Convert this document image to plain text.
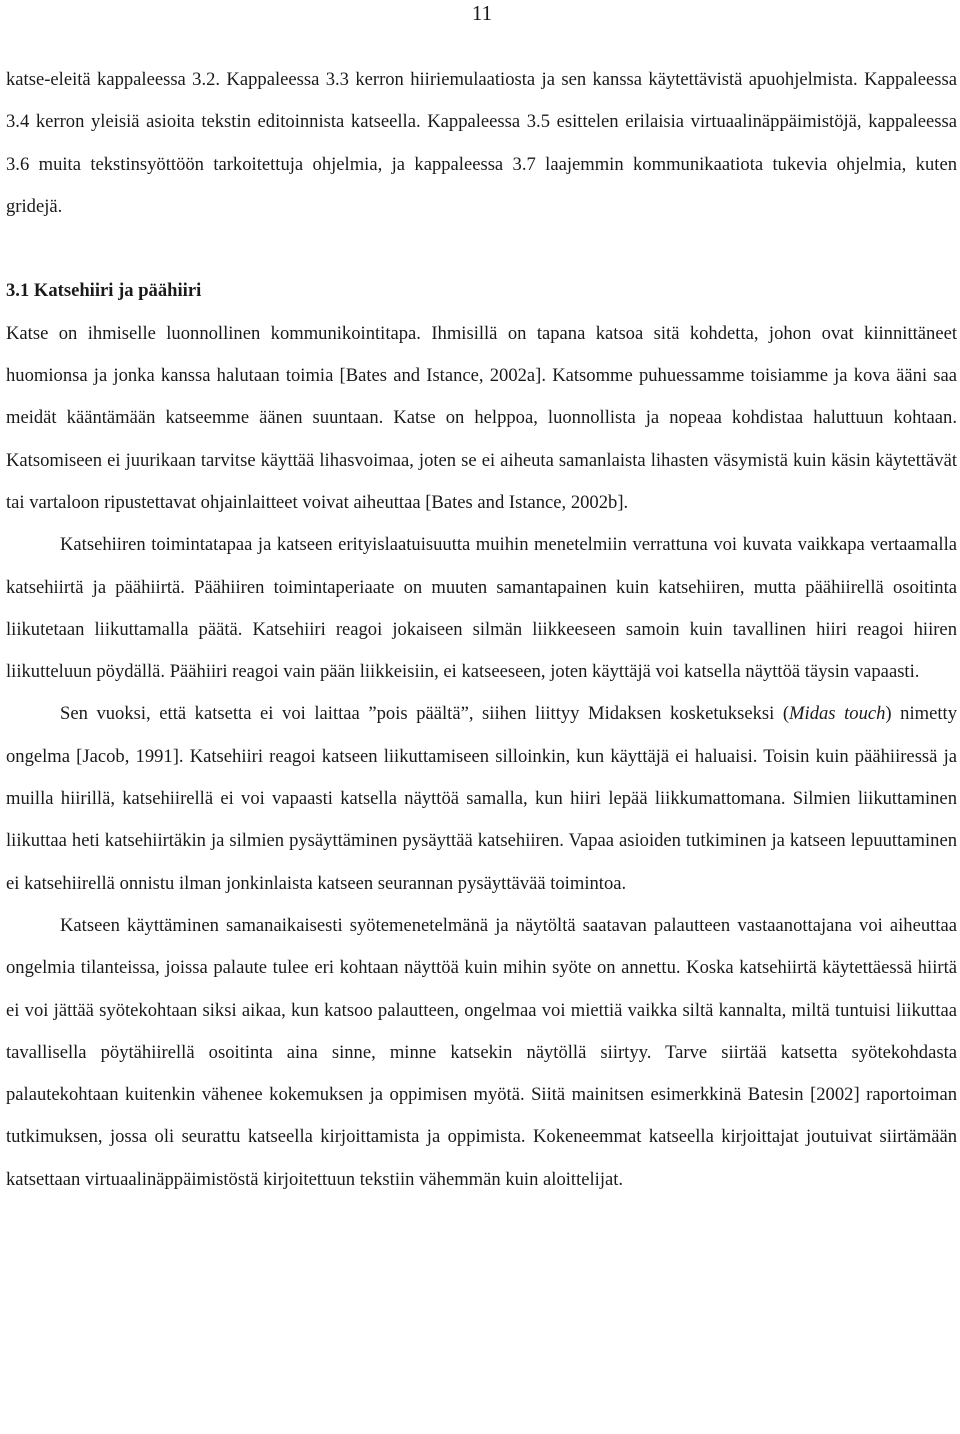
11

katse-eleitä kappaleessa 3.2. Kappaleessa 3.3 kerron hiiriemulaatiosta ja sen kanssa käytettävistä apuohjelmista. Kappaleessa 3.4 kerron yleisiä asioita tekstin editoinnista katseella. Kappaleessa 3.5 esittelen erilaisia virtuaalinäppäimistöjä, kappaleessa 3.6 muita tekstinsyöttöön tarkoitettuja ohjelmia, ja kappaleessa 3.7 laajemmin kommunikaatiota tukevia ohjelmia, kuten gridejä.

3.1 Katsehiiri ja päähiiri

Katse on ihmiselle luonnollinen kommunikointitapa. Ihmisillä on tapana katsoa sitä kohdetta, johon ovat kiinnittäneet huomionsa ja jonka kanssa halutaan toimia [Bates and Istance, 2002a]. Katsomme puhuessamme toisiamme ja kova ääni saa meidät kääntämään katseemme äänen suuntaan. Katse on helppoa, luonnollista ja nopeaa kohdistaa haluttuun kohtaan. Katsomiseen ei juurikaan tarvitse käyttää lihasvoimaa, joten se ei aiheuta samanlaista lihasten väsymistä kuin käsin käytettävät tai vartaloon ripustettavat ohjainlaitteet voivat aiheuttaa [Bates and Istance, 2002b].

Katsehiiren toimintatapaa ja katseen erityislaatuisuutta muihin menetelmiin verrattuna voi kuvata vaikkapa vertaamalla katsehiirtä ja päähiirtä. Päähiiren toimintaperiaate on muuten samantapainen kuin katsehiiren, mutta päähiirellä osoitinta liikutetaan liikuttamalla päätä. Katsehiiri reagoi jokaiseen silmän liikkeeseen samoin kuin tavallinen hiiri reagoi hiiren liikutteluun pöydällä. Päähiiri reagoi vain pään liikkeisiin, ei katseeseen, joten käyttäjä voi katsella näyttöä täysin vapaasti.

Sen vuoksi, että katsetta ei voi laittaa ”pois päältä”, siihen liittyy Midaksen kosketukseksi (Midas touch) nimetty ongelma [Jacob, 1991]. Katsehiiri reagoi katseen liikuttamiseen silloinkin, kun käyttäjä ei haluaisi. Toisin kuin päähiiressä ja muilla hiirillä, katsehiirellä ei voi vapaasti katsella näyttöä samalla, kun hiiri lepää liikkumattomana. Silmien liikuttaminen liikuttaa heti katsehiirtäkin ja silmien pysäyttäminen pysäyttää katsehiiren. Vapaa asioiden tutkiminen ja katseen lepuuttaminen ei katsehiirellä onnistu ilman jonkinlaista katseen seurannan pysäyttävää toimintoa.

Katseen käyttäminen samanaikaisesti syötemenetelmänä ja näytöltä saatavan palautteen vastaanottajana voi aiheuttaa ongelmia tilanteissa, joissa palaute tulee eri kohtaan näyttöä kuin mihin syöte on annettu. Koska katsehiirtä käytettäessä hiirtä ei voi jättää syötekohtaan siksi aikaa, kun katsoo palautteen, ongelmaa voi miettiä vaikka siltä kannalta, miltä tuntuisi liikuttaa tavallisella pöytähiirellä osoitinta aina sinne, minne katsekin näytöllä siirtyy. Tarve siirtää katsetta syötekohdasta palautekohtaan kuitenkin vähenee kokemuksen ja oppimisen myötä. Siitä mainitsen esimerkkinä Batesin [2002] raportoiman tutkimuksen, jossa oli seurattu katseella kirjoittamista ja oppimista. Kokeneemmat katseella kirjoittajat joutuivat siirtämään katsettaan virtuaalinäppäimistöstä kirjoitettuun tekstiin vähemmän kuin aloittelijat.
